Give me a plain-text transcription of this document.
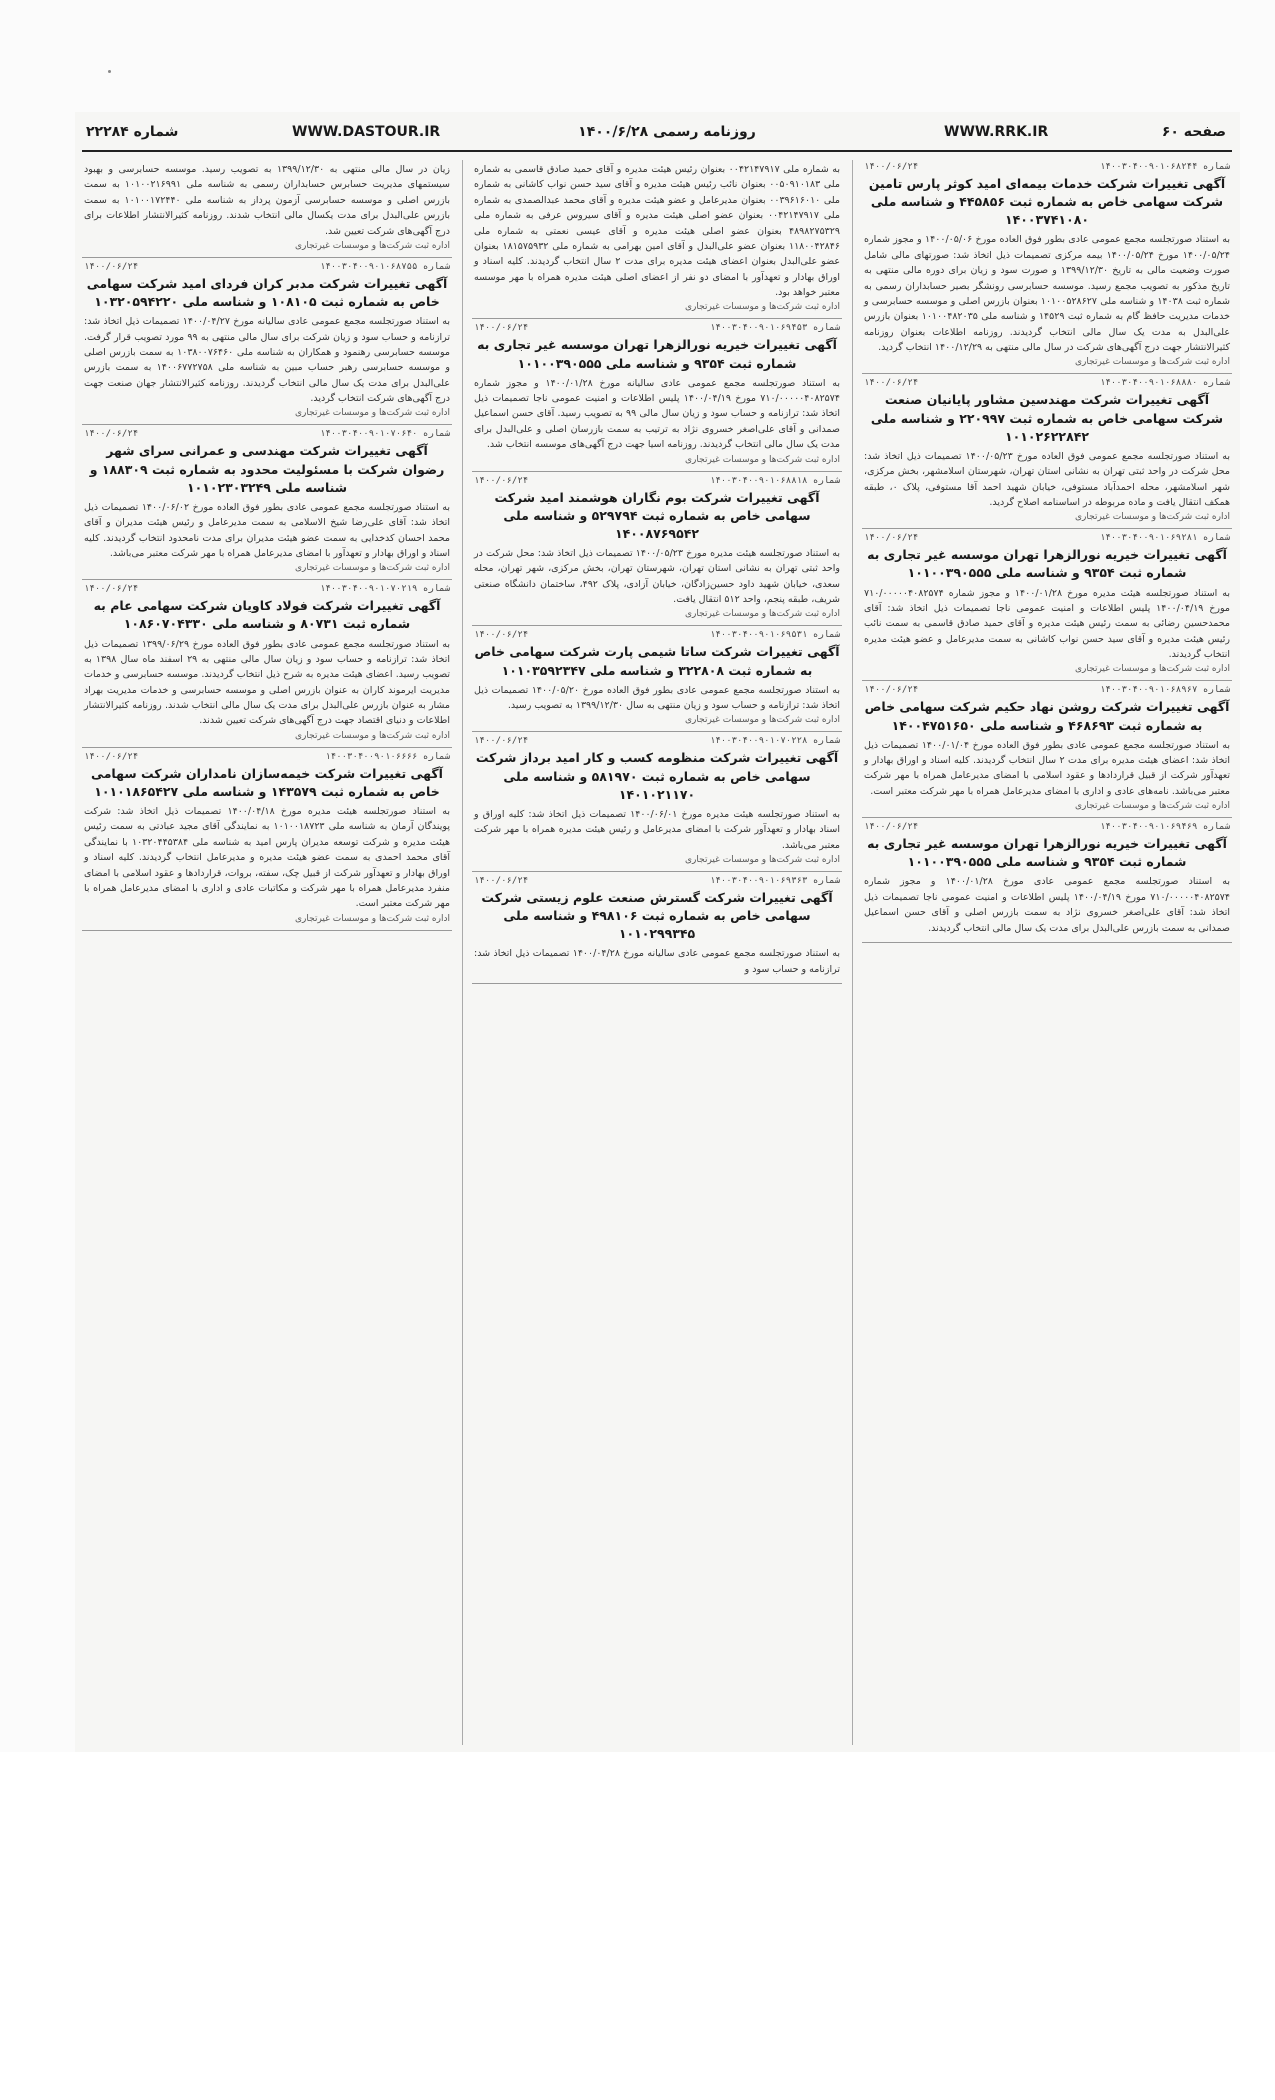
شماره ۲۲۲۸۴	WWW.DASTOUR.IR	روزنامه رسمی ۱۴۰۰/۶/۲۸	WWW.RRK.IR	صفحه ۶۰
۱۴۰۰/۰۶/۲۴	شماره ۱۴۰۰۳۰۴۰۰۹۰۱۰۶۸۲۴۴
آگهی تغییرات شرکت خدمات بیمه‌ای امید کوثر پارس تامین شرکت سهامی خاص به شماره ثبت ۴۴۵۸۵۶ و شناسه ملی ۱۴۰۰۳۷۴۱۰۸۰
به استناد صورتجلسه مجمع عمومی عادی بطور فوق العاده مورخ ۱۴۰۰/۰۵/۰۶ و مجوز شماره ۱۴۰۰/۰۵/۲۴ مورخ ۱۴۰۰/۰۵/۲۴ بیمه مرکزی تصمیمات ذیل اتخاذ شد: صورتهای مالی شامل صورت وضعیت مالی به تاریخ ۱۳۹۹/۱۲/۳۰ و صورت سود و زیان برای دوره مالی منتهی به تاریخ مذکور به تصویب مجمع رسید. موسسه حسابرسی رونشگر بصیر حسابداران رسمی به شماره ثبت ۱۴۰۳۸ و شناسه ملی ۱۰۱۰۰۵۲۸۶۲۷ بعنوان بازرس اصلی و موسسه حسابرسی و خدمات مدیریت حافظ گام به شماره ثبت ۱۴۵۲۹ و شناسه ملی ۱۰۱۰۰۴۸۲۰۳۵ بعنوان بازرس علی‌البدل به مدت یک سال مالی انتخاب گردیدند. روزنامه اطلاعات بعنوان روزنامه کثیرالانتشار جهت درج آگهی‌های شرکت در سال مالی منتهی به ۱۴۰۰/۱۲/۲۹ انتخاب گردید.
اداره ثبت شرکت‌ها و موسسات غیرتجاری
۱۴۰۰/۰۶/۲۴	شماره ۱۴۰۰۳۰۴۰۰۹۰۱۰۶۸۸۸۰
آگهی تغییرات شرکت مهندسین مشاور پایانیان صنعت شرکت سهامی خاص به شماره ثبت ۲۲۰۹۹۷ و شناسه ملی ۱۰۱۰۲۶۲۲۸۴۲
به استناد صورتجلسه مجمع عمومی فوق العاده مورخ ۱۴۰۰/۰۵/۲۳ تصمیمات ذیل اتخاذ شد: محل شرکت در واحد ثبتی تهران به نشانی استان تهران، شهرستان اسلامشهر، بخش مرکزی، شهر اسلامشهر، محله احمدآباد مستوفی، خیابان شهید احمد آقا مستوفی، پلاک ۰، طبقه همکف انتقال یافت و ماده مربوطه در اساسنامه اصلاح گردید.
اداره ثبت شرکت‌ها و موسسات غیرتجاری
۱۴۰۰/۰۶/۲۴	شماره ۱۴۰۰۳۰۴۰۰۹۰۱۰۶۹۲۸۱
آگهی تغییرات خیریه نورالزهرا تهران موسسه غیر تجاری به شماره ثبت ۹۳۵۴ و شناسه ملی ۱۰۱۰۰۳۹۰۵۵۵
به استناد صورتجلسه هیئت مدیره مورخ ۱۴۰۰/۰۱/۲۸ و مجوز شماره ۷۱۰/۰۰۰۰۰۴۰۸۲۵۷۴ مورخ ۱۴۰۰/۰۴/۱۹ پلیس اطلاعات و امنیت عمومی ناجا تصمیمات ذیل اتخاذ شد: آقای محمدحسین رضائی به سمت رئیس هیئت مدیره و آقای حمید صادق قاسمی به سمت نائب رئیس هیئت مدیره و آقای سید حسن نواب کاشانی به سمت مدیرعامل و عضو هیئت مدیره انتخاب گردیدند.
اداره ثبت شرکت‌ها و موسسات غیرتجاری
۱۴۰۰/۰۶/۲۴	شماره ۱۴۰۰۳۰۴۰۰۹۰۱۰۶۸۹۶۷
آگهی تغییرات شرکت روشن نهاد حکیم شرکت سهامی خاص به شماره ثبت ۴۶۸۶۹۳ و شناسه ملی ۱۴۰۰۴۷۵۱۶۵۰
به استناد صورتجلسه مجمع عمومی عادی بطور فوق العاده مورخ ۱۴۰۰/۰۱/۰۴ تصمیمات ذیل اتخاذ شد: اعضای هیئت مدیره برای مدت ۲ سال انتخاب گردیدند. کلیه اسناد و اوراق بهادار و تعهدآور شرکت از قبیل قراردادها و عقود اسلامی با امضای مدیرعامل همراه با مهر شرکت معتبر می‌باشد. نامه‌های عادی و اداری با امضای مدیرعامل همراه با مهر شرکت معتبر است.
اداره ثبت شرکت‌ها و موسسات غیرتجاری
۱۴۰۰/۰۶/۲۴	شماره ۱۴۰۰۳۰۴۰۰۹۰۱۰۶۹۴۶۹
آگهی تغییرات خیریه نورالزهرا تهران موسسه غیر تجاری به شماره ثبت ۹۳۵۴ و شناسه ملی ۱۰۱۰۰۳۹۰۵۵۵
به استناد صورتجلسه مجمع عمومی عادی مورخ ۱۴۰۰/۰۱/۲۸ و مجوز شماره ۷۱۰/۰۰۰۰۰۴۰۸۲۵۷۴ مورخ ۱۴۰۰/۰۴/۱۹ پلیس اطلاعات و امنیت عمومی ناجا تصمیمات ذیل اتخاذ شد: آقای علی‌اصغر خسروی نژاد به سمت بازرس اصلی و آقای حسن اسماعیل صمدانی به سمت بازرس علی‌البدل برای مدت یک سال مالی انتخاب گردیدند.
به شماره ملی ۰۰۴۲۱۴۷۹۱۷ بعنوان رئیس هیئت مدیره و آقای حمید صادق قاسمی به شماره ملی ۰۰۵۰۹۱۰۱۸۳ بعنوان نائب رئیس هیئت مدیره و آقای سید حسن نواب کاشانی به شماره ملی ۰۰۳۹۶۱۶۰۱۰ بعنوان مدیرعامل و عضو هیئت مدیره و آقای محمد عبدالصمدی به شماره ملی ۰۰۴۲۱۴۷۹۱۷ بعنوان عضو اصلی هیئت مدیره و آقای سیروس عرفی به شماره ملی ۴۸۹۸۲۷۵۳۲۹ بعنوان عضو اصلی هیئت مدیره و آقای عیسی نعمتی به شماره ملی ۱۱۸۰۰۴۲۸۴۶ بعنوان عضو علی‌البدل و آقای امین بهرامی به شماره ملی ۱۸۱۵۷۵۹۳۲ بعنوان عضو علی‌البدل بعنوان اعضای هیئت مدیره برای مدت ۲ سال انتخاب گردیدند. کلیه اسناد و اوراق بهادار و تعهدآور با امضای دو نفر از اعضای اصلی هیئت مدیره همراه با مهر موسسه معتبر خواهد بود.
اداره ثبت شرکت‌ها و موسسات غیرتجاری
۱۴۰۰/۰۶/۲۴	شماره ۱۴۰۰۳۰۴۰۰۹۰۱۰۶۹۴۵۳
آگهی تغییرات خیریه نورالزهرا تهران موسسه غیر تجاری به شماره ثبت ۹۳۵۴ و شناسه ملی ۱۰۱۰۰۳۹۰۵۵۵
به استناد صورتجلسه مجمع عمومی عادی سالیانه مورخ ۱۴۰۰/۰۱/۲۸ و مجوز شماره ۷۱۰/۰۰۰۰۰۴۰۸۲۵۷۴ مورخ ۱۴۰۰/۰۴/۱۹ پلیس اطلاعات و امنیت عمومی ناجا تصمیمات ذیل اتخاذ شد: ترازنامه و حساب سود و زیان سال مالی ۹۹ به تصویب رسید. آقای حسن اسماعیل صمدانی و آقای علی‌اصغر خسروی نژاد به ترتیب به سمت بازرسان اصلی و علی‌البدل برای مدت یک سال مالی انتخاب گردیدند. روزنامه اسیا جهت درج آگهی‌های موسسه انتخاب شد.
اداره ثبت شرکت‌ها و موسسات غیرتجاری
۱۴۰۰/۰۶/۲۴	شماره ۱۴۰۰۳۰۴۰۰۹۰۱۰۶۸۸۱۸
آگهی تغییرات شرکت بوم نگاران هوشمند امید شرکت سهامی خاص به شماره ثبت ۵۲۹۷۹۴ و شناسه ملی ۱۴۰۰۸۷۶۹۵۴۲
به استناد صورتجلسه هیئت مدیره مورخ ۱۴۰۰/۰۵/۲۳ تصمیمات ذیل اتخاذ شد: محل شرکت در واحد ثبتی تهران به نشانی استان تهران، شهرستان تهران، بخش مرکزی، شهر تهران، محله سعدی، خیابان شهید داود حسین‌زادگان، خیابان آزادی، پلاک ۴۹۲، ساختمان دانشگاه صنعتی شریف، طبقه پنجم، واحد ۵۱۲ انتقال یافت.
اداره ثبت شرکت‌ها و موسسات غیرتجاری
۱۴۰۰/۰۶/۲۴	شماره ۱۴۰۰۳۰۴۰۰۹۰۱۰۶۹۵۳۱
آگهی تغییرات شرکت ساتا شیمی پارت شرکت سهامی خاص به شماره ثبت ۳۲۲۸۰۸ و شناسه ملی ۱۰۱۰۳۵۹۲۳۴۷
به استناد صورتجلسه مجمع عمومی عادی بطور فوق العاده مورخ ۱۴۰۰/۰۵/۲۰ تصمیمات ذیل اتخاذ شد: ترازنامه و حساب سود و زیان منتهی به سال ۱۳۹۹/۱۲/۳۰ به تصویب رسید.
اداره ثبت شرکت‌ها و موسسات غیرتجاری
۱۴۰۰/۰۶/۲۴	شماره ۱۴۰۰۳۰۴۰۰۹۰۱۰۷۰۲۲۸
آگهی تغییرات شرکت منظومه کسب و کار امید برداز شرکت سهامی خاص به شماره ثبت ۵۸۱۹۷۰ و شناسه ملی ۱۴۰۱۰۲۱۱۷۰
به استناد صورتجلسه هیئت مدیره مورخ ۱۴۰۰/۰۶/۰۱ تصمیمات ذیل اتخاذ شد: کلیه اوراق و اسناد بهادار و تعهدآور شرکت با امضای مدیرعامل و رئیس هیئت مدیره همراه با مهر شرکت معتبر می‌باشد.
اداره ثبت شرکت‌ها و موسسات غیرتجاری
۱۴۰۰/۰۶/۲۴	شماره ۱۴۰۰۳۰۴۰۰۹۰۱۰۶۹۳۶۳
آگهی تغییرات شرکت گسترش صنعت علوم زیستی شرکت سهامی خاص به شماره ثبت ۴۹۸۱۰۶ و شناسه ملی ۱۰۱۰۲۹۹۳۴۵
به استناد صورتجلسه مجمع عمومی عادی سالیانه مورخ ۱۴۰۰/۰۴/۲۸ تصمیمات ذیل اتخاذ شد: ترازنامه و حساب سود و
زیان در سال مالی منتهی به ۱۳۹۹/۱۲/۳۰ به تصویب رسید. موسسه حسابرسی و بهبود سیستمهای مدیریت حسابرس حسابداران رسمی به شناسه ملی ۱۰۱۰۰۲۱۶۹۹۱ به سمت بازرس اصلی و موسسه حسابرسی آزمون پرداز به شناسه ملی ۱۰۱۰۰۱۷۲۴۴۰ به سمت بازرس علی‌البدل برای مدت یکسال مالی انتخاب شدند. روزنامه کثیرالانتشار اطلاعات برای درج آگهی‌های شرکت تعیین شد.
اداره ثبت شرکت‌ها و موسسات غیرتجاری
۱۴۰۰/۰۶/۲۴	شماره ۱۴۰۰۳۰۴۰۰۹۰۱۰۶۸۷۵۵
آگهی تغییرات شرکت مدبر کران فردای امید شرکت سهامی خاص به شماره ثبت ۱۰۸۱۰۵ و شناسه ملی ۱۰۳۲۰۵۹۴۲۲۰
به استناد صورتجلسه مجمع عمومی عادی سالیانه مورخ ۱۴۰۰/۰۴/۲۷ تصمیمات ذیل اتخاذ شد: ترازنامه و حساب سود و زیان شرکت برای سال مالی منتهی به ۹۹ مورد تصویب قرار گرفت. موسسه حسابرسی رهنمود و همکاران به شناسه ملی ۱۰۳۸۰۰۷۶۴۶۰ به سمت بازرس اصلی و موسسه حسابرسی رهبر حساب مبین به شناسه ملی ۱۴۰۰۶۷۷۲۷۵۸ به سمت بازرس علی‌البدل برای مدت یک سال مالی انتخاب گردیدند. روزنامه کثیرالانتشار جهان صنعت جهت درج آگهی‌های شرکت انتخاب گردید.
اداره ثبت شرکت‌ها و موسسات غیرتجاری
۱۴۰۰/۰۶/۲۴	شماره ۱۴۰۰۳۰۴۰۰۹۰۱۰۷۰۶۴۰
آگهی تغییرات شرکت مهندسی و عمرانی سرای شهر رضوان شرکت با مسئولیت محدود به شماره ثبت ۱۸۸۳۰۹ و شناسه ملی ۱۰۱۰۲۳۰۳۲۴۹
به استناد صورتجلسه مجمع عمومی عادی بطور فوق العاده مورخ ۱۴۰۰/۰۶/۰۲ تصمیمات ذیل اتخاذ شد: آقای علی‌رضا شیخ الاسلامی به سمت مدیرعامل و رئیس هیئت مدیران و آقای محمد احسان کدخدایی به سمت عضو هیئت مدیران برای مدت نامحدود انتخاب گردیدند. کلیه اسناد و اوراق بهادار و تعهدآور با امضای مدیرعامل همراه با مهر شرکت معتبر می‌باشد.
اداره ثبت شرکت‌ها و موسسات غیرتجاری
۱۴۰۰/۰۶/۲۴	شماره ۱۴۰۰۳۰۴۰۰۹۰۱۰۷۰۲۱۹
آگهی تغییرات شرکت فولاد کاویان شرکت سهامی عام به شماره ثبت ۸۰۷۳۱ و شناسه ملی ۱۰۸۶۰۷۰۴۳۳۰
به استناد صورتجلسه مجمع عمومی عادی بطور فوق العاده مورخ ۱۳۹۹/۰۶/۲۹ تصمیمات ذیل اتخاذ شد: ترازنامه و حساب سود و زیان سال مالی منتهی به ۲۹ اسفند ماه سال ۱۳۹۸ به تصویب رسید. اعضای هیئت مدیره به شرح ذیل انتخاب گردیدند. موسسه حسابرسی و خدمات مدیریت ایرموند کاران به عنوان بازرس اصلی و موسسه حسابرسی و خدمات مدیریت بهراد مشار به عنوان بازرس علی‌البدل برای مدت یک سال مالی انتخاب شدند. روزنامه کثیرالانتشار اطلاعات و دنیای اقتصاد جهت درج آگهی‌های شرکت تعیین شدند.
اداره ثبت شرکت‌ها و موسسات غیرتجاری
۱۴۰۰/۰۶/۲۴	شماره ۱۴۰۰۳۰۴۰۰۹۰۱۰۶۶۶۶
آگهی تغییرات شرکت خیمه‌سازان نامداران شرکت سهامی خاص به شماره ثبت ۱۴۳۵۷۹ و شناسه ملی ۱۰۱۰۱۸۶۵۴۲۷
به استناد صورتجلسه هیئت مدیره مورخ ۱۴۰۰/۰۴/۱۸ تصمیمات ذیل اتخاذ شد: شرکت پویندگان آرمان به شناسه ملی ۱۰۱۰۰۱۸۷۲۳ به نمایندگی آقای مجید عبادتی به سمت رئیس هیئت مدیره و شرکت توسعه مدیران پارس امید به شناسه ملی ۱۰۳۲۰۴۴۵۳۸۴ با نمایندگی آقای محمد احمدی به سمت عضو هیئت مدیره و مدیرعامل انتخاب گردیدند. کلیه اسناد و اوراق بهادار و تعهدآور شرکت از قبیل چک، سفته، بروات، قراردادها و عقود اسلامی با امضای منفرد مدیرعامل همراه با مهر شرکت و مکاتبات عادی و اداری با امضای مدیرعامل همراه با مهر شرکت معتبر است.
اداره ثبت شرکت‌ها و موسسات غیرتجاری
